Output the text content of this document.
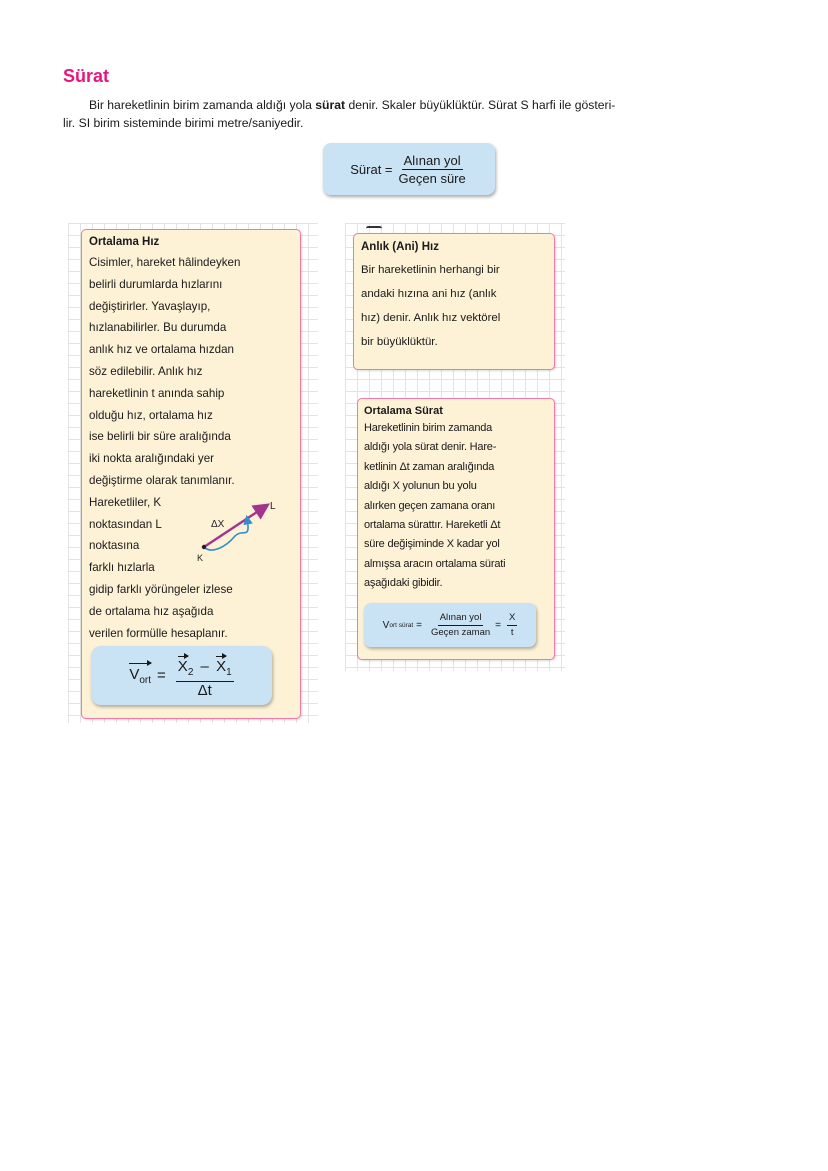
Sürat
Bir hareketlinin birim zamanda aldığı yola sürat denir. Skaler büyüklüktür. Sürat S harfi ile gösteri-
lir. SI birim sisteminde birimi metre/saniyedir.
Sürat = $\frac{\text{Alınan yol}}{\text{Geçen süre}}$
Ortalama Hız
Cisimler, hareket hâlindeyken
belirli durumlarda hızlarını
değiştirirler. Yavaşlayıp,
hızlanabilirler. Bu durumda
anlık hız ve ortalama hızdan
söz edilebilir. Anlık hız
hareketlinin t anında sahip
olduğu hız, ortalama hız
ise belirli bir süre aralığında
iki nokta aralığındaki yer
değiştirme olarak tanımlanır.
Hareketliler, K
noktasından L
noktasına
farklı hızlarla
gidip farklı yörüngeler izlese
de ortalama hız aşağıda
verilen formülle hesaplanır.
L
K
ΔX
$V_{ort} = \frac{X_2 - X_1}{\Delta t}$
Anlık (Ani) Hız
Bir hareketlinin herhangi bir
andaki hızına ani hız (anlık
hız) denir. Anlık hız vektörel
bir büyüklüktür.
Ortalama Sürat
Hareketlinin birim zamanda
aldığı yola sürat denir. Hare-
ketlinin Δt zaman aralığında
aldığı X yolunun bu yolu
alırken geçen zamana oranı
ortalama sürattır. Hareketli Δt
süre değişiminde X kadar yol
almışsa aracın ortalama sürati
aşağıdaki gibidir.
V ort sürat = $\frac{\text{Alınan yol}}{\text{Geçen zaman}} = \frac{X}{t}$
